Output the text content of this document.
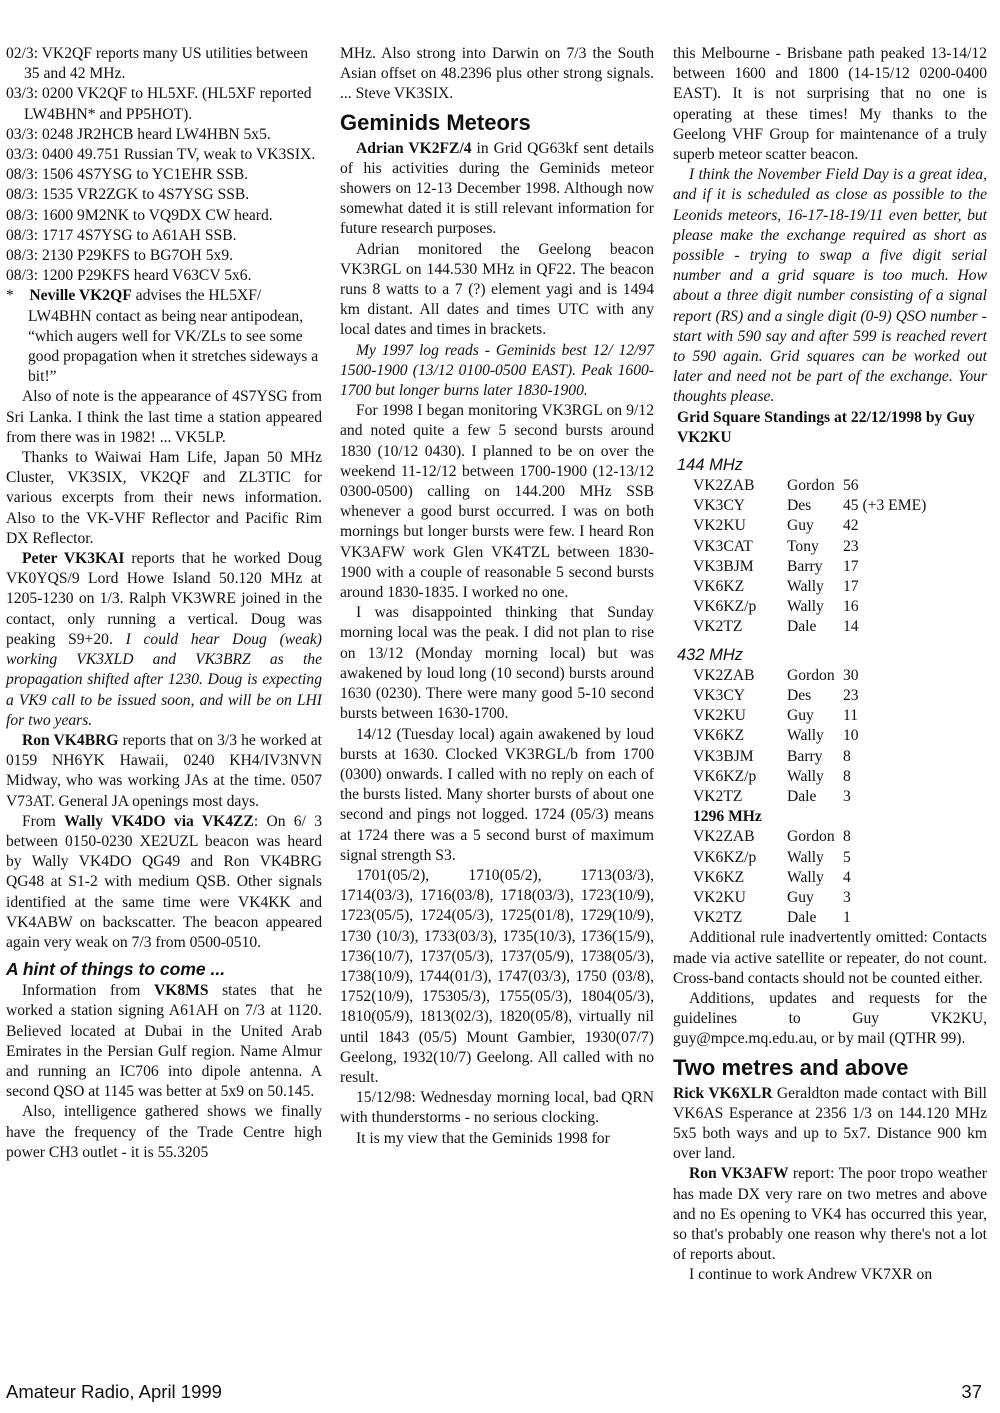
02/3: VK2QF reports many US utilities between 35 and 42 MHz.

03/3: 0200 VK2QF to HL5XF. (HL5XF reported LW4BHN* and PP5HOT).

03/3: 0248 JR2HCB heard LW4HBN 5x5.

03/3: 0400 49.751 Russian TV, weak to VK3SIX.

08/3: 1506 4S7YSG to YC1EHR SSB.

08/3: 1535 VR2ZGK to 4S7YSG SSB.

08/3: 1600 9M2NK to VQ9DX CW heard.

08/3: 1717 4S7YSG to A61AH SSB.

08/3: 2130 P29KFS to BG7OH 5x9.

08/3: 1200 P29KFS heard V63CV 5x6.

* Neville VK2QF advises the HL5XF/ LW4BHN contact as being near antipodean, “which augers well for VK/ZLs to see some good propagation when it stretches sideways a bit!”

Also of note is the appearance of 4S7YSG from Sri Lanka. I think the last time a station appeared from there was in 1982! ... VK5LP.

Thanks to Waiwai Ham Life, Japan 50 MHz Cluster, VK3SIX, VK2QF and ZL3TIC for various excerpts from their news information. Also to the VK-VHF Reflector and Pacific Rim DX Reflector.

Peter VK3KAI reports that he worked Doug VK0YQS/9 Lord Howe Island 50.120 MHz at 1205-1230 on 1/3. Ralph VK3WRE joined in the contact, only running a vertical. Doug was peaking S9+20. I could hear Doug (weak) working VK3XLD and VK3BRZ as the propagation shifted after 1230. Doug is expecting a VK9 call to be issued soon, and will be on LHI for two years.

Ron VK4BRG reports that on 3/3 he worked at 0159 NH6YK Hawaii, 0240 KH4/IV3NVN Midway, who was working JAs at the time. 0507 V73AT. General JA openings most days.

From Wally VK4DO via VK4ZZ: On 6/ 3 between 0150-0230 XE2UZL beacon was heard by Wally VK4DO QG49 and Ron VK4BRG QG48 at S1-2 with medium QSB. Other signals identified at the same time were VK4KK and VK4ABW on backscatter. The beacon appeared again very weak on 7/3 from 0500-0510.

A hint of things to come ...

Information from VK8MS states that he worked a station signing A61AH on 7/3 at 1120. Believed located at Dubai in the United Arab Emirates in the Persian Gulf region. Name Almur and running an IC706 into dipole antenna. A second QSO at 1145 was better at 5x9 on 50.145.

Also, intelligence gathered shows we finally have the frequency of the Trade Centre high power CH3 outlet - it is 55.3205

MHz. Also strong into Darwin on 7/3 the South Asian offset on 48.2396 plus other strong signals. ... Steve VK3SIX.

Geminids Meteors

Adrian VK2FZ/4 in Grid QG63kf sent details of his activities during the Geminids meteor showers on 12-13 December 1998. Although now somewhat dated it is still relevant information for future research purposes.

Adrian monitored the Geelong beacon VK3RGL on 144.530 MHz in QF22. The beacon runs 8 watts to a 7 (?) element yagi and is 1494 km distant. All dates and times UTC with any local dates and times in brackets.

My 1997 log reads - Geminids best 12/ 12/97 1500-1900 (13/12 0100-0500 EAST). Peak 1600-1700 but longer burns later 1830-1900.

For 1998 I began monitoring VK3RGL on 9/12 and noted quite a few 5 second bursts around 1830 (10/12 0430). I planned to be on over the weekend 11-12/12 between 1700-1900 (12-13/12 0300-0500) calling on 144.200 MHz SSB whenever a good burst occurred. I was on both mornings but longer bursts were few. I heard Ron VK3AFW work Glen VK4TZL between 1830-1900 with a couple of reasonable 5 second bursts around 1830-1835. I worked no one.

I was disappointed thinking that Sunday morning local was the peak. I did not plan to rise on 13/12 (Monday morning local) but was awakened by loud long (10 second) bursts around 1630 (0230). There were many good 5-10 second bursts between 1630-1700.

14/12 (Tuesday local) again awakened by loud bursts at 1630. Clocked VK3RGL/b from 1700 (0300) onwards. I called with no reply on each of the bursts listed. Many shorter bursts of about one second and pings not logged. 1724 (05/3) means at 1724 there was a 5 second burst of maximum signal strength S3.

1701(05/2), 1710(05/2), 1713(03/3), 1714(03/3), 1716(03/8), 1718(03/3), 1723(10/9), 1723(05/5), 1724(05/3), 1725(01/8), 1729(10/9), 1730 (10/3), 1733(03/3), 1735(10/3), 1736(15/9), 1736(10/7), 1737(05/3), 1737(05/9), 1738(05/3), 1738(10/9), 1744(01/3), 1747(03/3), 1750 (03/8), 1752(10/9), 175305/3), 1755(05/3), 1804(05/3), 1810(05/9), 1813(02/3), 1820(05/8), virtually nil until 1843 (05/5) Mount Gambier, 1930(07/7) Geelong, 1932(10/7) Geelong. All called with no result.

15/12/98: Wednesday morning local, bad QRN with thunderstorms - no serious clocking.

It is my view that the Geminids 1998 for

this Melbourne - Brisbane path peaked 13-14/12 between 1600 and 1800 (14-15/12 0200-0400 EAST). It is not surprising that no one is operating at these times! My thanks to the Geelong VHF Group for maintenance of a truly superb meteor scatter beacon.

I think the November Field Day is a great idea, and if it is scheduled as close as possible to the Leonids meteors, 16-17-18-19/11 even better, but please make the exchange required as short as possible - trying to swap a five digit serial number and a grid square is too much. How about a three digit number consisting of a signal report (RS) and a single digit (0-9) QSO number - start with 590 say and after 599 is reached revert to 590 again. Grid squares can be worked out later and need not be part of the exchange. Your thoughts please.

Grid Square Standings at 22/12/1998 by Guy VK2KU

144 MHz
VK2ZAB Gordon 56
VK3CY	Des 45 (+3 EME)
VK2KU	Guy 42
VK3CAT Tony 23
VK3BJM Barry 17
VK6KZ	Wally 17
VK6KZ/p Wally 16
VK2TZ	Dale 14
432 MHz
VK2ZAB Gordon 30
VK3CY	Des 23
VK2KU	Guy 11
VK6KZ	Wally 10
VK3BJM Barry 8
VK6KZ/p Wally 8
VK2TZ	Dale 3
1296 MHz
VK2ZAB Gordon 8
VK6KZ/p Wally 5
VK6KZ	Wally 4
VK2KU	Guy 3
VK2TZ	Dale 1

Additional rule inadvertently omitted: Contacts made via active satellite or repeater, do not count. Cross-band contacts should not be counted either.

Additions, updates and requests for the guidelines to Guy VK2KU, guy@mpce.mq.edu.au, or by mail (QTHR 99).

Two metres and above

Rick VK6XLR Geraldton made contact with Bill VK6AS Esperance at 2356 1/3 on 144.120 MHz 5x5 both ways and up to 5x7. Distance 900 km over land.

Ron VK3AFW report: The poor tropo weather has made DX very rare on two metres and above and no Es opening to VK4 has occurred this year, so that's probably one reason why there's not a lot of reports about.

I continue to work Andrew VK7XR on

Amateur Radio, April 1999	37
